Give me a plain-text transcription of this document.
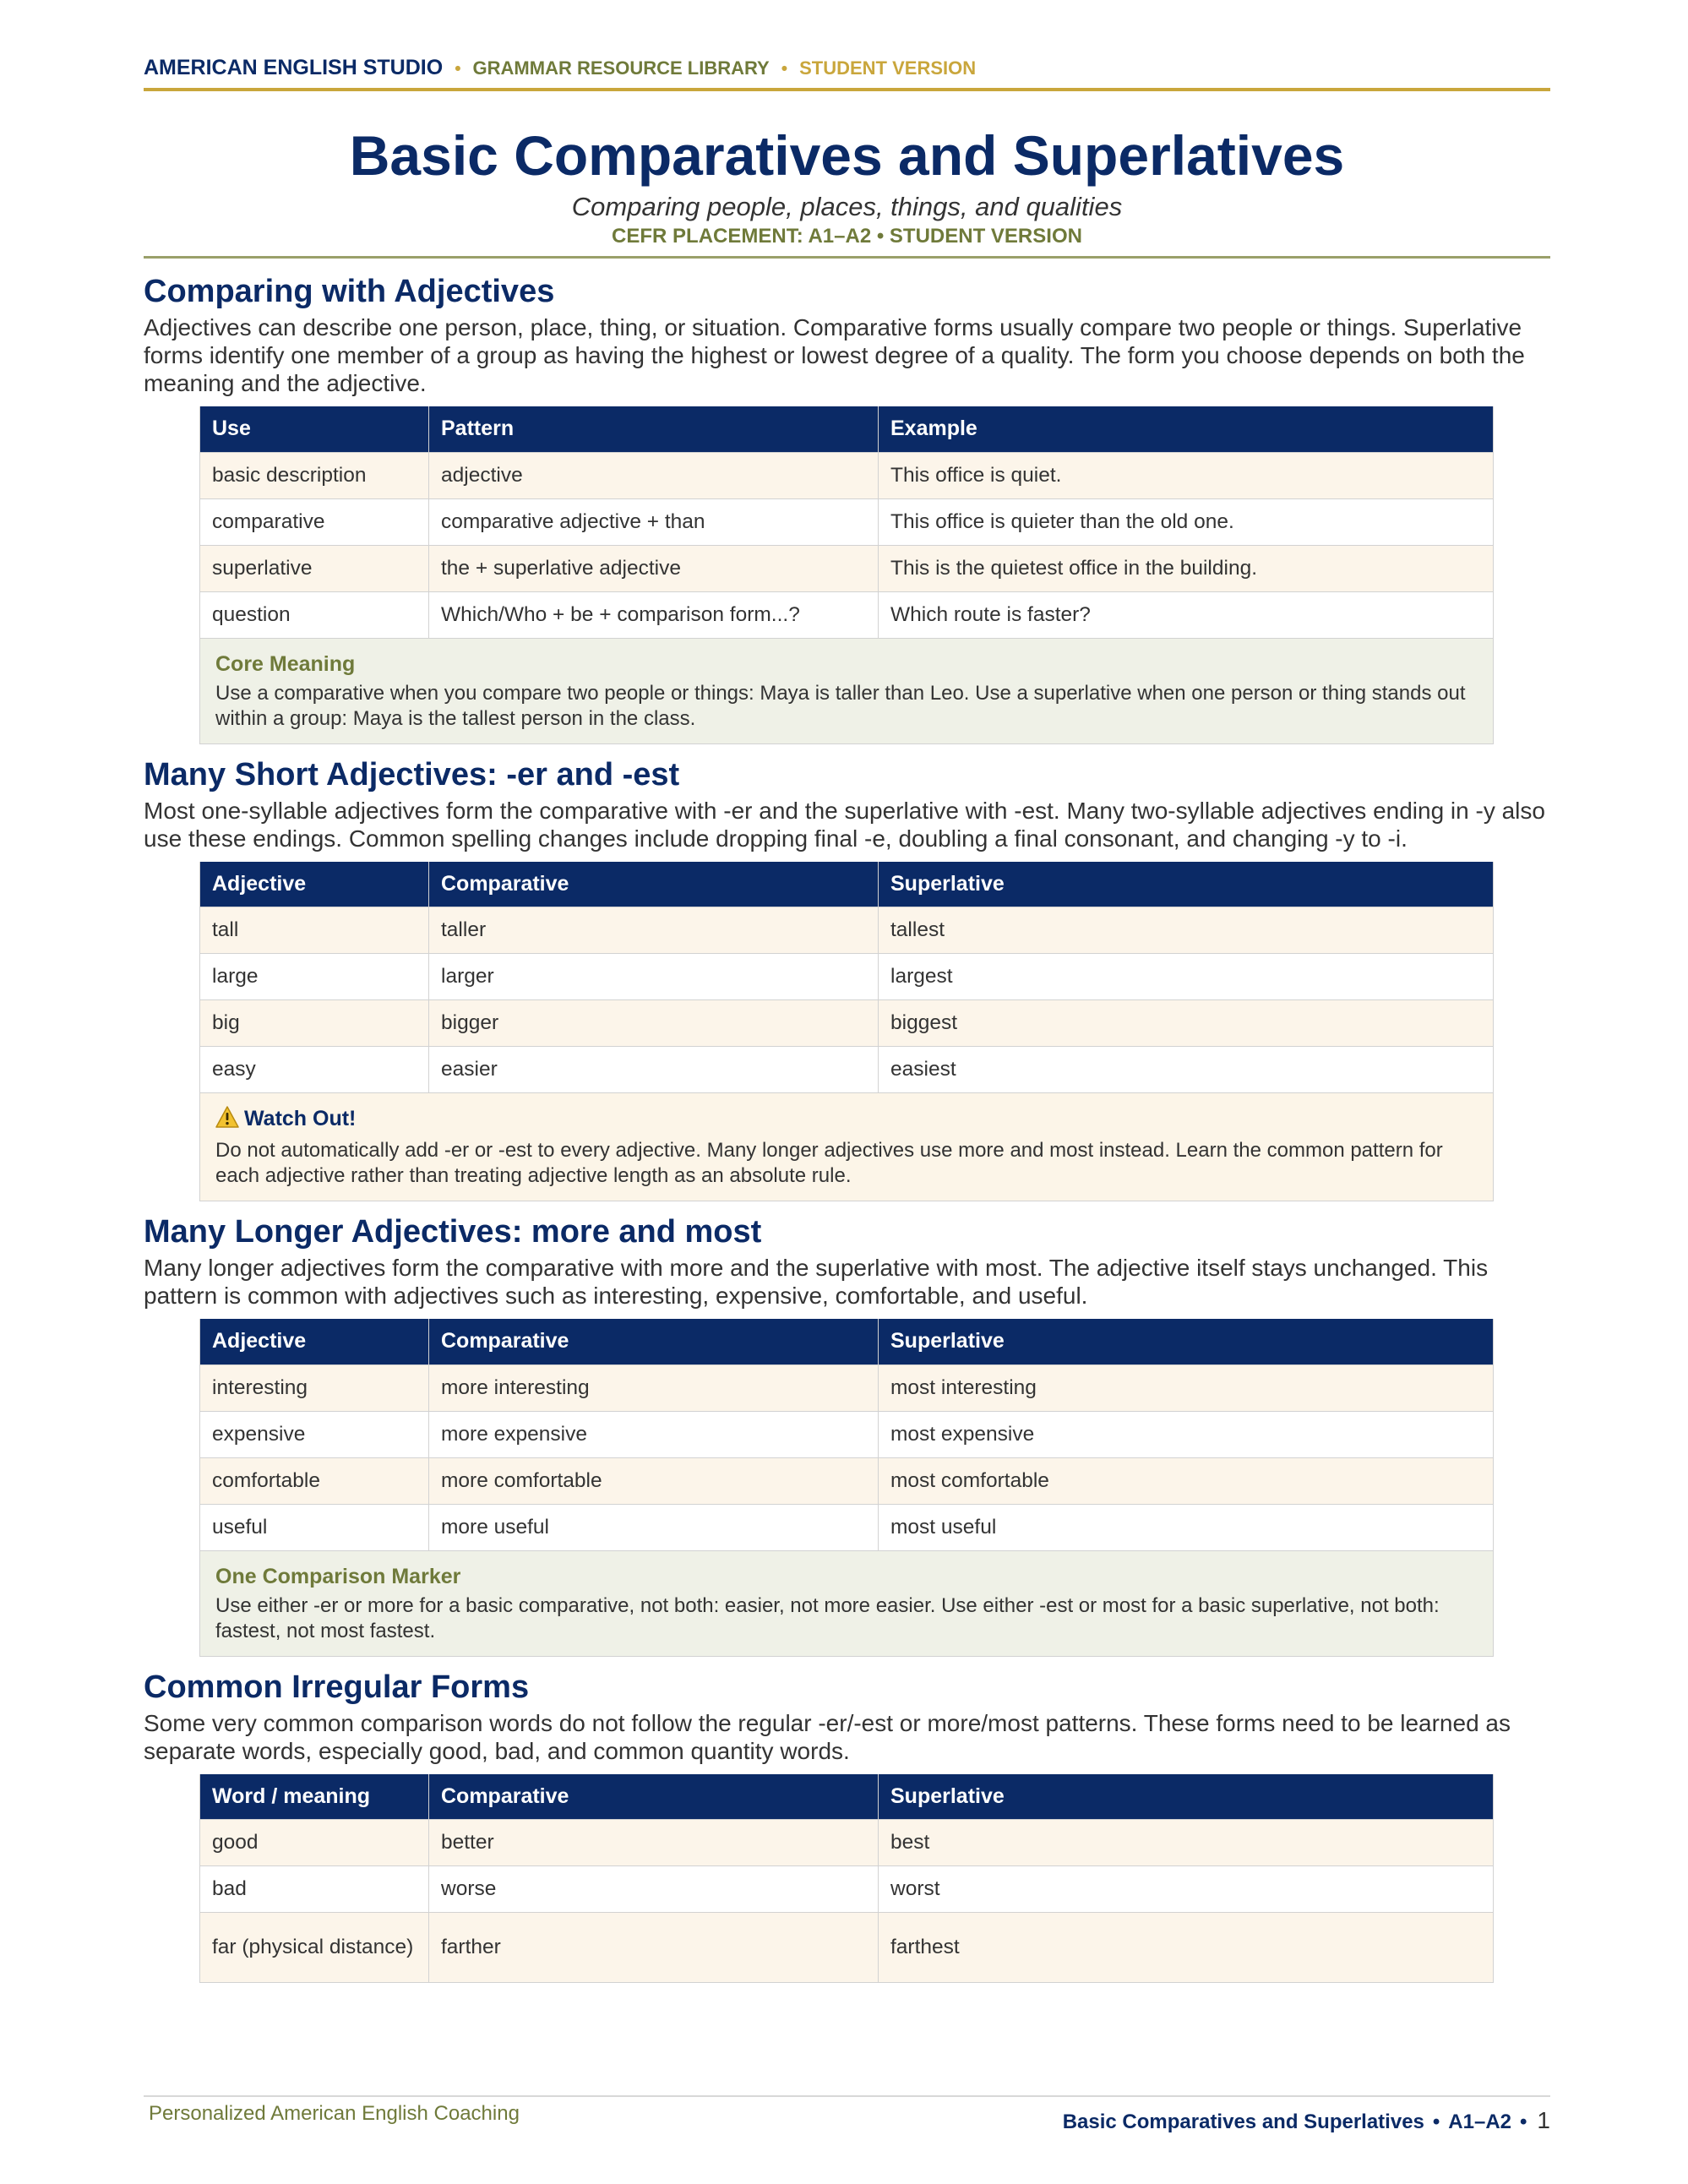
AMERICAN ENGLISH STUDIO • GRAMMAR RESOURCE LIBRARY • STUDENT VERSION
Basic Comparatives and Superlatives
Comparing people, places, things, and qualities
CEFR PLACEMENT: A1–A2 • STUDENT VERSION
Comparing with Adjectives
Adjectives can describe one person, place, thing, or situation. Comparative forms usually compare two people or things. Superlative forms identify one member of a group as having the highest or lowest degree of a quality. The form you choose depends on both the meaning and the adjective.
Use	Pattern	Example
basic description	adjective	This office is quiet.
comparative	comparative adjective + than	This office is quieter than the old one.
superlative	the + superlative adjective	This is the quietest office in the building.
question	Which/Who + be + comparison form...?	Which route is faster?
Core Meaning
Use a comparative when you compare two people or things: Maya is taller than Leo. Use a superlative when one person or thing stands out within a group: Maya is the tallest person in the class.
Many Short Adjectives: -er and -est
Most one-syllable adjectives form the comparative with -er and the superlative with -est. Many two-syllable adjectives ending in -y also use these endings. Common spelling changes include dropping final -e, doubling a final consonant, and changing -y to -i.
Adjective	Comparative	Superlative
tall	taller	tallest
large	larger	largest
big	bigger	biggest
easy	easier	easiest
Watch Out!
Do not automatically add -er or -est to every adjective. Many longer adjectives use more and most instead. Learn the common pattern for each adjective rather than treating adjective length as an absolute rule.
Many Longer Adjectives: more and most
Many longer adjectives form the comparative with more and the superlative with most. The adjective itself stays unchanged. This pattern is common with adjectives such as interesting, expensive, comfortable, and useful.
Adjective	Comparative	Superlative
interesting	more interesting	most interesting
expensive	more expensive	most expensive
comfortable	more comfortable	most comfortable
useful	more useful	most useful
One Comparison Marker
Use either -er or more for a basic comparative, not both: easier, not more easier. Use either -est or most for a basic superlative, not both: fastest, not most fastest.
Common Irregular Forms
Some very common comparison words do not follow the regular -er/-est or more/most patterns. These forms need to be learned as separate words, especially good, bad, and common quantity words.
Word / meaning	Comparative	Superlative
good	better	best
bad	worse	worst
far (physical distance)	farther	farthest
Personalized American English Coaching	Basic Comparatives and Superlatives • A1–A2 • 1
